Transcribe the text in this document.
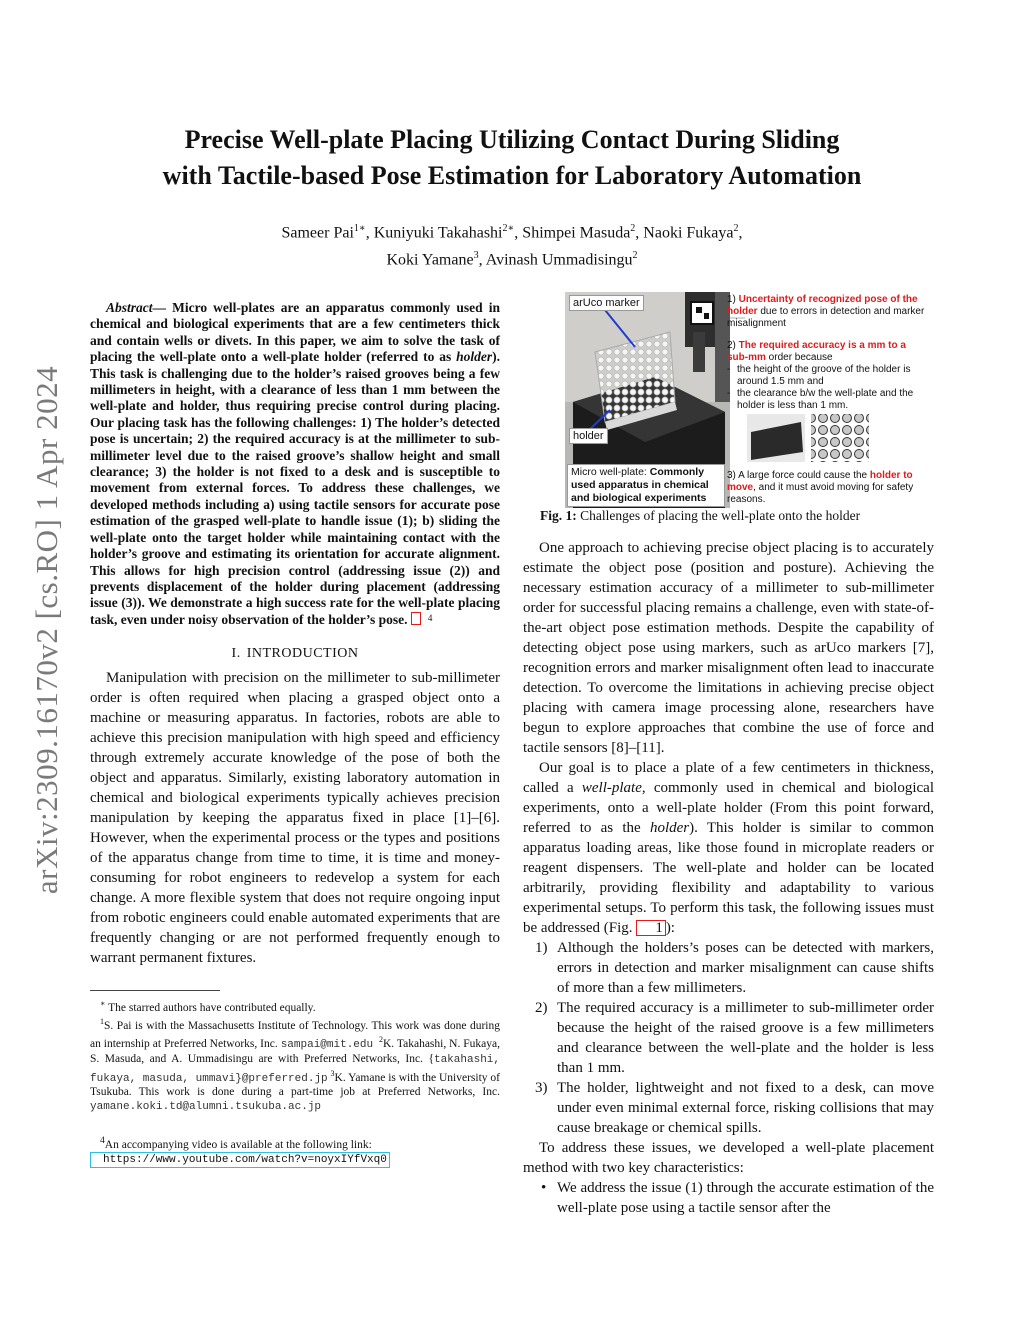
arXiv:2309.16170v2 [cs.RO] 1 Apr 2024
Precise Well-plate Placing Utilizing Contact During Sliding
with Tactile-based Pose Estimation for Laboratory Automation
Sameer Pai$^{1∗}$, Kuniyuki Takahashi$^{2∗}$, Shimpei Masuda$^2$, Naoki Fukaya$^2$,
Koki Yamane$^3$, Avinash Ummadisingu$^2$

Abstract— Micro well-plates are an apparatus commonly used in chemical and biological experiments that are a few centimeters thick and contain wells or divets. In this paper, we aim to solve the task of placing the well-plate onto a well-plate holder (referred to as holder). This task is challenging due to the holder’s raised grooves being a few millimeters in height, with a clearance of less than 1 mm between the well-plate and holder, thus requiring precise control during placing. Our placing task has the following challenges: 1) The holder’s detected pose is uncertain; 2) the required accuracy is at the millimeter to sub-millimeter level due to the raised groove’s shallow height and small clearance; 3) the holder is not fixed to a desk and is susceptible to movement from external forces. To address these challenges, we developed methods including a) using tactile sensors for accurate pose estimation of the grasped well-plate to handle issue (1); b) sliding the well-plate onto the target holder while maintaining contact with the holder’s groove and estimating its orientation for accurate alignment. This allows for high precision control (addressing issue (2)) and prevents displacement of the holder during placement (addressing issue (3)). We demonstrate a high success rate for the well-plate placing task, even under noisy observation of the holder’s pose. 4

I. INTRODUCTION

Manipulation with precision on the millimeter to sub-millimeter order is often required when placing a grasped object onto a machine or measuring apparatus. In factories, robots are able to achieve this precision manipulation with high speed and efficiency through extremely accurate knowledge of the pose of both the object and apparatus. Similarly, existing laboratory automation in chemical and biological experiments typically achieves precision manipulation by keeping the apparatus fixed in place [1]–[6]. However, when the experimental process or the types and positions of the apparatus change from time to time, it is time and money-consuming for robot engineers to redevelop a system for each change. A more flexible system that does not require ongoing input from robotic engineers could enable automated experiments that are frequently changing or are not performed frequently enough to warrant permanent fixtures.

∗ The starred authors have contributed equally.

$^1$S. Pai is with the Massachusetts Institute of Technology. This work was done during an internship at Preferred Networks, Inc. sampai@mit.edu $^2$K. Takahashi, N. Fukaya, S. Masuda, and A. Ummadisingu are with Preferred Networks, Inc. {takahashi, fukaya, masuda, ummavi}@preferred.jp $^3$K. Yamane is with the University of Tsukuba. This work is done during a part-time job at Preferred Networks, Inc. yamane.koki.td@alumni.tsukuba.ac.jp

$^4$An accompanying video is available at the following link:
https://www.youtube.com/watch?v=noyxIYfVxq0

arUco marker
holder
Micro well-plate: Commonly used apparatus in chemical and biological experiments
1) Uncertainty of recognized pose of the holder due to errors in detection and marker misalignment
2) The required accuracy is a mm to a sub-mm order because
- the height of the groove of the holder is around 1.5 mm and
- the clearance b/w the well-plate and the holder is less than 1 mm.
3) A large force could cause the holder to move, and it must avoid moving for safety reasons.
Fig. 1: Challenges of placing the well-plate onto the holder

One approach to achieving precise object placing is to accurately estimate the object pose (position and posture). Achieving the necessary estimation accuracy of a millimeter to sub-millimeter order for successful placing remains a challenge, even with state-of-the-art object pose estimation methods. Despite the capability of detecting object pose using markers, such as arUco markers [7], recognition errors and marker misalignment often lead to inaccurate detection. To overcome the limitations in achieving precise object placing with camera image processing alone, researchers have begun to explore approaches that combine the use of force and tactile sensors [8]–[11].

Our goal is to place a plate of a few centimeters in thickness, called a well-plate, commonly used in chemical and biological experiments, onto a well-plate holder (From this point forward, referred to as the holder). This holder is similar to common apparatus loading areas, like those found in microplate readers or reagent dispensers. The well-plate and holder can be located arbitrarily, providing flexibility and adaptability to various experimental setups. To perform this task, the following issues must be addressed (Fig. 1 ):

1) Although the holders’s poses can be detected with markers, errors in detection and marker misalignment can cause shifts of more than a few millimeters.
2) The required accuracy is a millimeter to sub-millimeter order because the height of the raised groove is a few millimeters and clearance between the well-plate and the holder is less than 1 mm.
3) The holder, lightweight and not fixed to a desk, can move under even minimal external force, risking collisions that may cause breakage or chemical spills.

To address these issues, we developed a well-plate placement method with two key characteristics:

• We address the issue (1) through the accurate estimation of the well-plate pose using a tactile sensor after the
